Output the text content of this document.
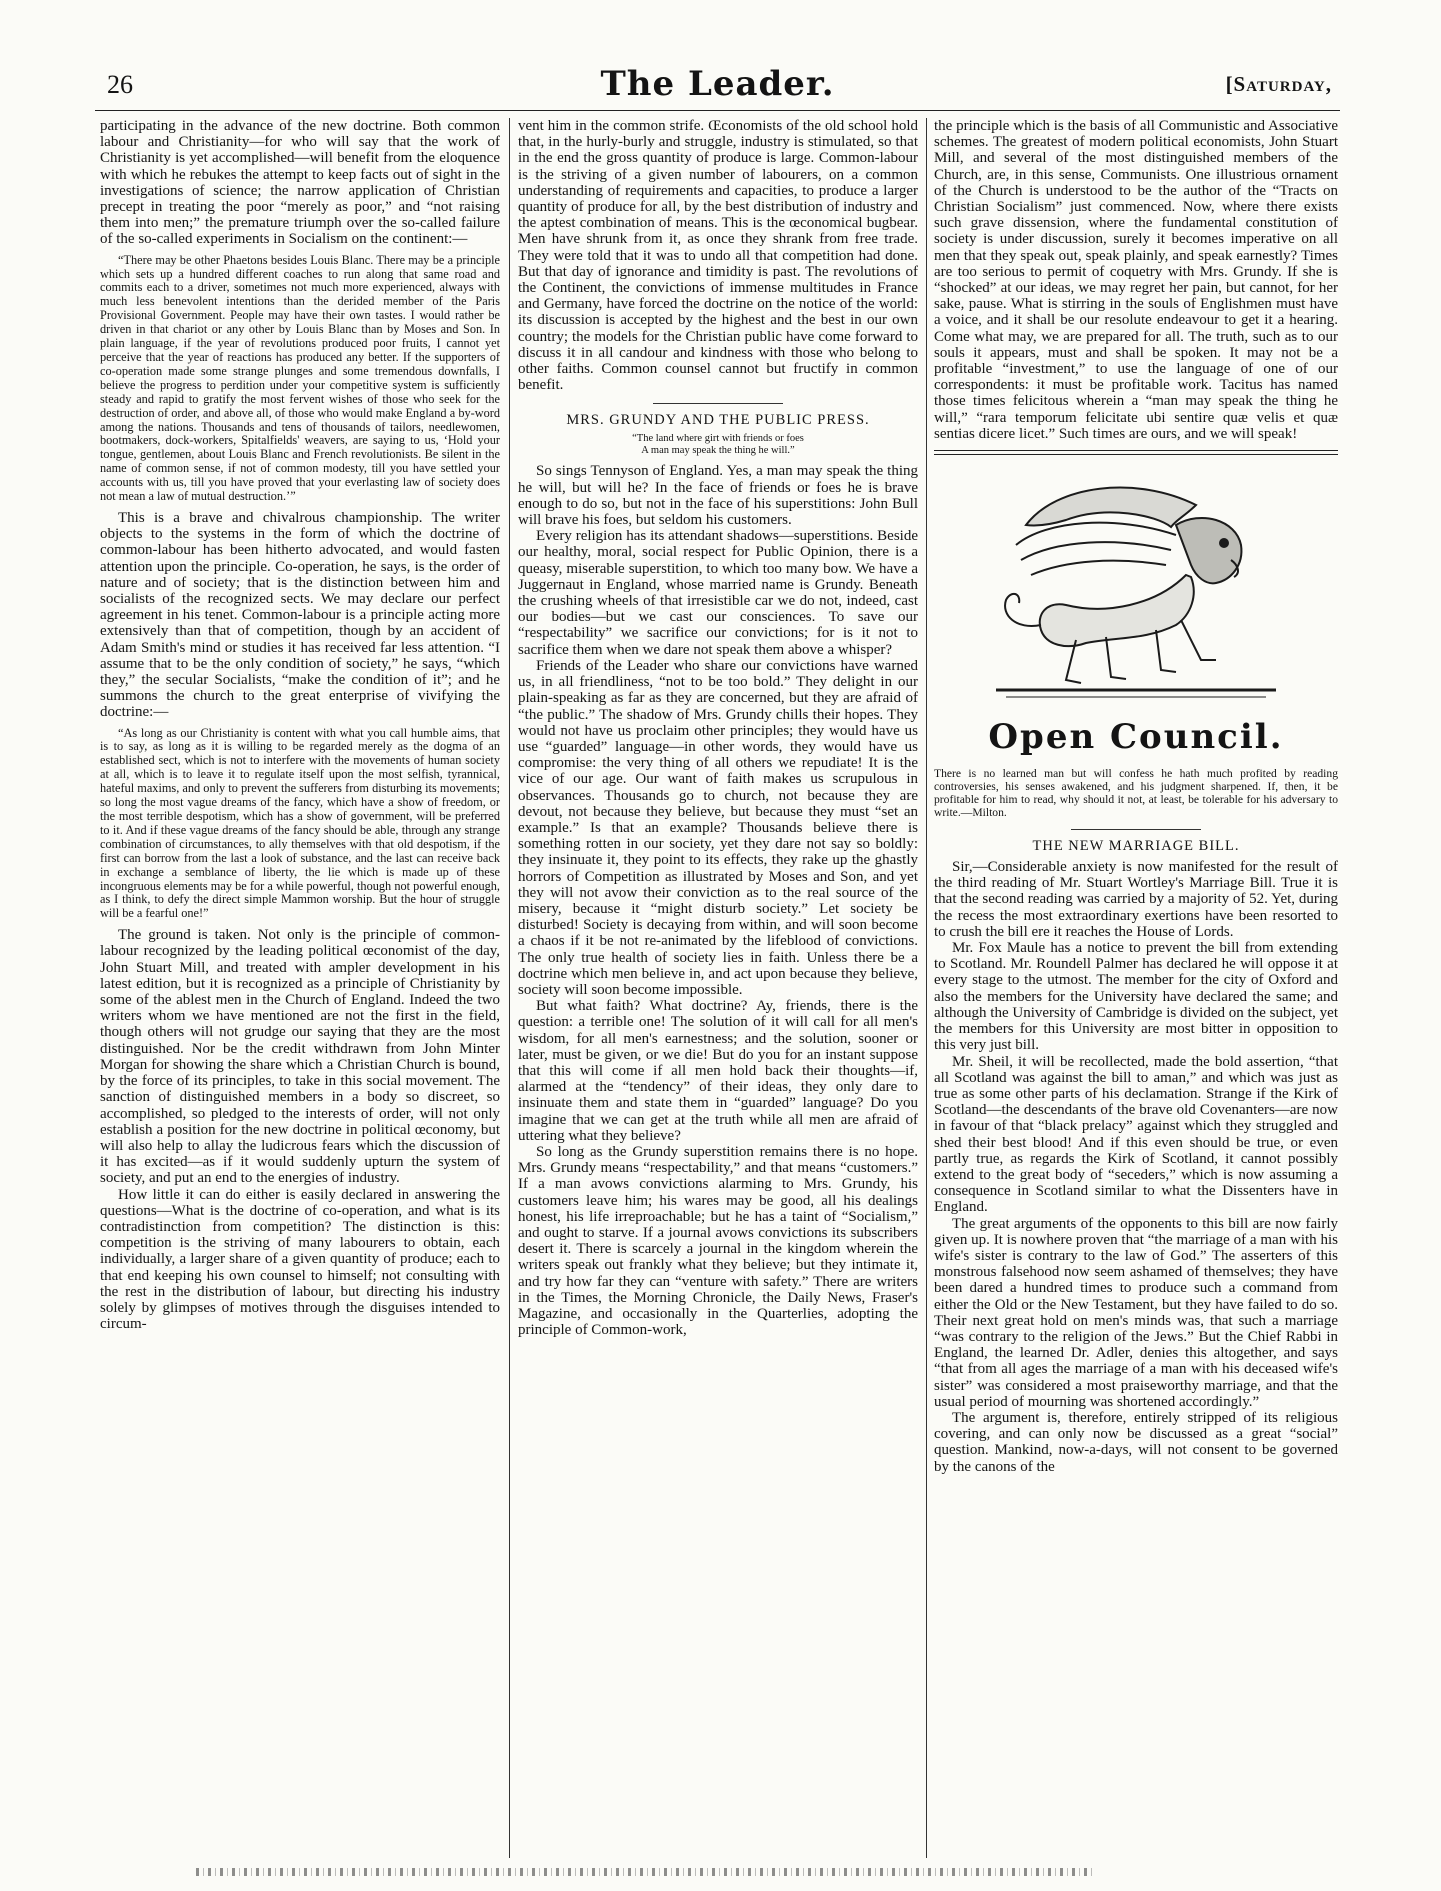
26	The Leader.	[Saturday,

participating in the advance of the new doctrine. Both common labour and Christianity—for who will say that the work of Christianity is yet accomplished—will benefit from the eloquence with which he rebukes the attempt to keep facts out of sight in the investigations of science; the narrow application of Christian precept in treating the poor “merely as poor,” and “not raising them into men;” the premature triumph over the so-called failure of the so-called experiments in Socialism on the continent:—

“There may be other Phaetons besides Louis Blanc. There may be a principle which sets up a hundred different coaches to run along that same road and commits each to a driver, sometimes not much more experienced, always with much less benevolent intentions than the derided member of the Paris Provisional Government. People may have their own tastes. I would rather be driven in that chariot or any other by Louis Blanc than by Moses and Son. In plain language, if the year of revolutions produced poor fruits, I cannot yet perceive that the year of reactions has produced any better. If the supporters of co-operation made some strange plunges and some tremendous downfalls, I believe the progress to perdition under your competitive system is sufficiently steady and rapid to gratify the most fervent wishes of those who seek for the destruction of order, and above all, of those who would make England a by-word among the nations. Thousands and tens of thousands of tailors, needlewomen, bootmakers, dock-workers, Spitalfields' weavers, are saying to us, ‘Hold your tongue, gentlemen, about Louis Blanc and French revolutionists. Be silent in the name of common sense, if not of common modesty, till you have settled your accounts with us, till you have proved that your everlasting law of society does not mean a law of mutual destruction.’”

This is a brave and chivalrous championship. The writer objects to the systems in the form of which the doctrine of common-labour has been hitherto advocated, and would fasten attention upon the principle. Co-operation, he says, is the order of nature and of society; that is the distinction between him and socialists of the recognized sects. We may declare our perfect agreement in his tenet. Common-labour is a principle acting more extensively than that of competition, though by an accident of Adam Smith's mind or studies it has received far less attention. “I assume that to be the only condition of society,” he says, “which they,” the secular Socialists, “make the condition of it”; and he summons the church to the great enterprise of vivifying the doctrine:—

“As long as our Christianity is content with what you call humble aims, that is to say, as long as it is willing to be regarded merely as the dogma of an established sect, which is not to interfere with the movements of human society at all, which is to leave it to regulate itself upon the most selfish, tyrannical, hateful maxims, and only to prevent the sufferers from disturbing its movements; so long the most vague dreams of the fancy, which have a show of freedom, or the most terrible despotism, which has a show of government, will be preferred to it. And if these vague dreams of the fancy should be able, through any strange combination of circumstances, to ally themselves with that old despotism, if the first can borrow from the last a look of substance, and the last can receive back in exchange a semblance of liberty, the lie which is made up of these incongruous elements may be for a while powerful, though not powerful enough, as I think, to defy the direct simple Mammon worship. But the hour of struggle will be a fearful one!”

The ground is taken. Not only is the principle of common-labour recognized by the leading political œconomist of the day, John Stuart Mill, and treated with ampler development in his latest edition, but it is recognized as a principle of Christianity by some of the ablest men in the Church of England. Indeed the two writers whom we have mentioned are not the first in the field, though others will not grudge our saying that they are the most distinguished. Nor be the credit withdrawn from John Minter Morgan for showing the share which a Christian Church is bound, by the force of its principles, to take in this social movement. The sanction of distinguished members in a body so discreet, so accomplished, so pledged to the interests of order, will not only establish a position for the new doctrine in political œconomy, but will also help to allay the ludicrous fears which the discussion of it has excited—as if it would suddenly upturn the system of society, and put an end to the energies of industry.

How little it can do either is easily declared in answering the questions—What is the doctrine of co-operation, and what is its contradistinction from competition? The distinction is this: competition is the striving of many labourers to obtain, each individually, a larger share of a given quantity of produce; each to that end keeping his own counsel to himself; not consulting with the rest in the distribution of labour, but directing his industry solely by glimpses of motives through the disguises intended to circum-

vent him in the common strife. Œconomists of the old school hold that, in the hurly-burly and struggle, industry is stimulated, so that in the end the gross quantity of produce is large. Common-labour is the striving of a given number of labourers, on a common understanding of requirements and capacities, to produce a larger quantity of produce for all, by the best distribution of industry and the aptest combination of means. This is the œconomical bugbear. Men have shrunk from it, as once they shrank from free trade. They were told that it was to undo all that competition had done. But that day of ignorance and timidity is past. The revolutions of the Continent, the convictions of immense multitudes in France and Germany, have forced the doctrine on the notice of the world: its discussion is accepted by the highest and the best in our own country; the models for the Christian public have come forward to discuss it in all candour and kindness with those who belong to other faiths. Common counsel cannot but fructify in common benefit.

MRS. GRUNDY AND THE PUBLIC PRESS.
“The land where girt with friends or foes
A man may speak the thing he will.”

So sings Tennyson of England. Yes, a man may speak the thing he will, but will he? In the face of friends or foes he is brave enough to do so, but not in the face of his superstitions: John Bull will brave his foes, but seldom his customers.

Every religion has its attendant shadows—superstitions. Beside our healthy, moral, social respect for Public Opinion, there is a queasy, miserable superstition, to which too many bow. We have a Juggernaut in England, whose married name is Grundy. Beneath the crushing wheels of that irresistible car we do not, indeed, cast our bodies—but we cast our consciences. To save our “respectability” we sacrifice our convictions; for is it not to sacrifice them when we dare not speak them above a whisper?

Friends of the Leader who share our convictions have warned us, in all friendliness, “not to be too bold.” They delight in our plain-speaking as far as they are concerned, but they are afraid of “the public.” The shadow of Mrs. Grundy chills their hopes. They would not have us proclaim other principles; they would have us use “guarded” language—in other words, they would have us compromise: the very thing of all others we repudiate! It is the vice of our age. Our want of faith makes us scrupulous in observances. Thousands go to church, not because they are devout, not because they believe, but because they must “set an example.” Is that an example? Thousands believe there is something rotten in our society, yet they dare not say so boldly: they insinuate it, they point to its effects, they rake up the ghastly horrors of Competition as illustrated by Moses and Son, and yet they will not avow their conviction as to the real source of the misery, because it “might disturb society.” Let society be disturbed! Society is decaying from within, and will soon become a chaos if it be not re-animated by the lifeblood of convictions. The only true health of society lies in faith. Unless there be a doctrine which men believe in, and act upon because they believe, society will soon become impossible.

But what faith? What doctrine? Ay, friends, there is the question: a terrible one! The solution of it will call for all men's wisdom, for all men's earnestness; and the solution, sooner or later, must be given, or we die! But do you for an instant suppose that this will come if all men hold back their thoughts—if, alarmed at the “tendency” of their ideas, they only dare to insinuate them and state them in “guarded” language? Do you imagine that we can get at the truth while all men are afraid of uttering what they believe?

So long as the Grundy superstition remains there is no hope. Mrs. Grundy means “respectability,” and that means “customers.” If a man avows convictions alarming to Mrs. Grundy, his customers leave him; his wares may be good, all his dealings honest, his life irreproachable; but he has a taint of “Socialism,” and ought to starve. If a journal avows convictions its subscribers desert it. There is scarcely a journal in the kingdom wherein the writers speak out frankly what they believe; but they intimate it, and try how far they can “venture with safety.” There are writers in the Times, the Morning Chronicle, the Daily News, Fraser's Magazine, and occasionally in the Quarterlies, adopting the principle of Common-work,

the principle which is the basis of all Communistic and Associative schemes. The greatest of modern political economists, John Stuart Mill, and several of the most distinguished members of the Church, are, in this sense, Communists. One illustrious ornament of the Church is understood to be the author of the “Tracts on Christian Socialism” just commenced. Now, where there exists such grave dissension, where the fundamental constitution of society is under discussion, surely it becomes imperative on all men that they speak out, speak plainly, and speak earnestly? Times are too serious to permit of coquetry with Mrs. Grundy. If she is “shocked” at our ideas, we may regret her pain, but cannot, for her sake, pause. What is stirring in the souls of Englishmen must have a voice, and it shall be our resolute endeavour to get it a hearing. Come what may, we are prepared for all. The truth, such as to our souls it appears, must and shall be spoken. It may not be a profitable “investment,” to use the language of one of our correspondents: it must be profitable work. Tacitus has named those times felicitous wherein a “man may speak the thing he will,” “rara temporum felicitate ubi sentire quæ velis et quæ sentias dicere licet.” Such times are ours, and we will speak!

Open Council.

There is no learned man but will confess he hath much profited by reading controversies, his senses awakened, and his judgment sharpened. If, then, it be profitable for him to read, why should it not, at least, be tolerable for his adversary to write.—Milton.

THE NEW MARRIAGE BILL.

Sir,—Considerable anxiety is now manifested for the result of the third reading of Mr. Stuart Wortley's Marriage Bill. True it is that the second reading was carried by a majority of 52. Yet, during the recess the most extraordinary exertions have been resorted to to crush the bill ere it reaches the House of Lords.

Mr. Fox Maule has a notice to prevent the bill from extending to Scotland. Mr. Roundell Palmer has declared he will oppose it at every stage to the utmost. The member for the city of Oxford and also the members for the University have declared the same; and although the University of Cambridge is divided on the subject, yet the members for this University are most bitter in opposition to this very just bill.

Mr. Sheil, it will be recollected, made the bold assertion, “that all Scotland was against the bill to aman,” and which was just as true as some other parts of his declamation. Strange if the Kirk of Scotland—the descendants of the brave old Covenanters—are now in favour of that “black prelacy” against which they struggled and shed their best blood! And if this even should be true, or even partly true, as regards the Kirk of Scotland, it cannot possibly extend to the great body of “seceders,” which is now assuming a consequence in Scotland similar to what the Dissenters have in England.

The great arguments of the opponents to this bill are now fairly given up. It is nowhere proven that “the marriage of a man with his wife's sister is contrary to the law of God.” The asserters of this monstrous falsehood now seem ashamed of themselves; they have been dared a hundred times to produce such a command from either the Old or the New Testament, but they have failed to do so. Their next great hold on men's minds was, that such a marriage “was contrary to the religion of the Jews.” But the Chief Rabbi in England, the learned Dr. Adler, denies this altogether, and says “that from all ages the marriage of a man with his deceased wife's sister” was considered a most praiseworthy marriage, and that the usual period of mourning was shortened accordingly.”

The argument is, therefore, entirely stripped of its religious covering, and can only now be discussed as a great “social” question. Mankind, now-a-days, will not consent to be governed by the canons of the
